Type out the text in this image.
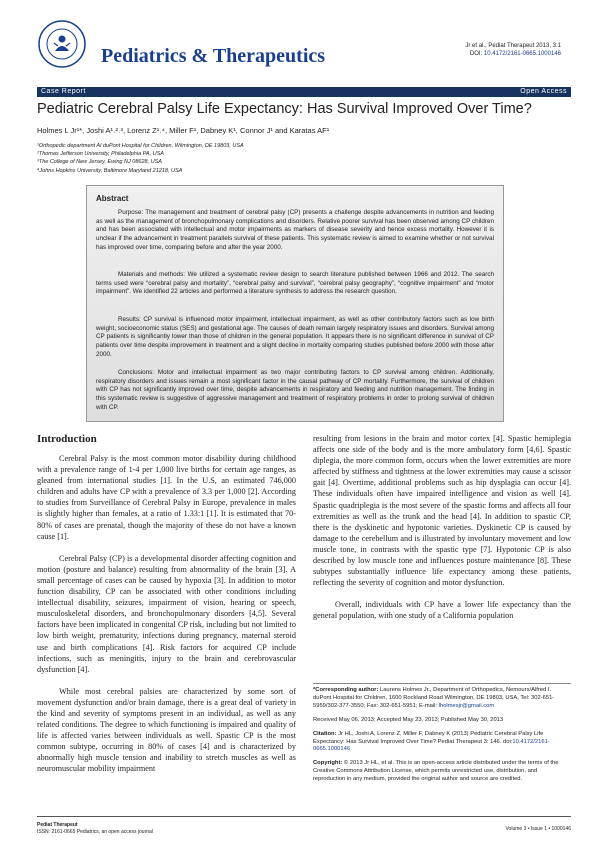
Pediatrics & Therapeutics	Jr et al., Pediat Therapeut 2013, 3:1
DOI: 10.4172/2161-0665.1000146
Case Report	Open Access
Pediatric Cerebral Palsy Life Expectancy: Has Survival Improved Over Time?
Holmes L Jr¹*, Joshi A¹˒²˒³, Lorenz Z¹˒⁴, Miller F¹, Dabney K¹, Connor J¹ and Karatas AF¹
¹Orthopedic department Al duPont Hospital for Children, Wilmington, DE 19803, USA
²Thomas Jefferson University, Philadelphia PA, USA
³The College of New Jersey, Ewing NJ 08628, USA
⁴Johns Hopkins University, Baltimore Maryland 21218, USA
Abstract

Purpose: The management and treatment of cerebral palsy (CP) presents a challenge despite advancements in nutrition and feeding as well as the management of bronchopulmonary complications and disorders. Relative poorer survival has been observed among CP children and has been associated with intellectual and motor impairments as markers of disease severity and hence excess mortality. However it is unclear if the advancement in treatment parallels survival of these patients. This systematic review is aimed to examine whether or not survival has improved over time, comparing before and after the year 2000.

Materials and methods: We utilized a systematic review design to search literature published between 1966 and 2012. The search terms used were “cerebral palsy and mortality”, “cerebral palsy and survival”, “cerebral palsy geography”, “cognitive impairment” and “motor impairment”. We identified 22 articles and performed a literature synthesis to address the research question.

Results: CP survival is influenced motor impairment, intellectual impairment, as well as other contributory factors such as low birth weight, socioeconomic status (SES) and gestational age. The causes of death remain largely respiratory issues and disorders. Survival among CP patients is significantly lower than those of children in the general population. It appears there is no significant difference in survival of CP patients over time despite improvement in treatment and a slight decline in mortality comparing studies published before 2000 with those after 2000.

Conclusions: Motor and intellectual impairment as two major contributing factors to CP survival among children. Additionally, respiratory disorders and issues remain a most significant factor in the causal pathway of CP mortality. Furthermore, the survival of children with CP has not significantly improved over time, despite advancements in respiratory and feeding and nutrition management. The finding in this systematic review is suggestive of aggressive management and treatment of respiratory problems in order to prolong survival of children with CP.

Introduction

Cerebral Palsy is the most common motor disability during childhood with a prevalence range of 1-4 per 1,000 live births for certain age ranges, as gleaned from international studies [1]. In the U.S, an estimated 746,000 children and adults have CP with a prevalence of 3.3 per 1,000 [2]. According to studies from Surveillance of Cerebral Palsy in Europe, prevalence in males is slightly higher than females, at a ratio of 1.33:1 [1]. It is estimated that 70-80% of cases are prenatal, though the majority of these do not have a known cause [1].

Cerebral Palsy (CP) is a developmental disorder affecting cognition and motion (posture and balance) resulting from abnormality of the brain [3]. A small percentage of cases can be caused by hypoxia [3]. In addition to motor function disability, CP can be associated with other conditions including intellectual disability, seizures, impairment of vision, hearing or speech, musculoskeletal disorders, and bronchopulmonary disorders [4,5]. Several factors have been implicated in congenital CP risk, including but not limited to low birth weight, prematurity, infections during pregnancy, maternal steroid use and birth complications [4]. Risk factors for acquired CP include infections, such as meningitis, injury to the brain and cerebrovascular dysfunction [4].

While most cerebral palsies are characterized by some sort of movement dysfunction and/or brain damage, there is a great deal of variety in the kind and severity of symptoms present in an individual, as well as any related conditions. The degree to which functioning is impaired and quality of life is affected varies between individuals as well. Spastic CP is the most common subtype, occurring in 80% of cases [4] and is characterized by abnormally high muscle tension and inability to stretch muscles as well as neuromuscular mobility impairment

resulting from lesions in the brain and motor cortex [4]. Spastic hemiplegia affects one side of the body and is the more ambulatory form [4,6]. Spastic diplegia, the more common form, occurs when the lower extremities are more affected by stiffness and tightness at the lower extremities may cause a scissor gait [4]. Overtime, additional problems such as hip dysplagia can occur [4]. These individuals often have impaired intelligence and vision as well [4]. Spastic quadriplegia is the most severe of the spastic forms and affects all four extremities as well as the trunk and the head [4]. In addition to spastic CP, there is the dyskinetic and hypotonic varieties. Dyskinetic CP is caused by damage to the cerebellum and is illustrated by involuntary movement and low muscle tone, in contrasts with the spastic type [7]. Hypotonic CP is also described by low muscle tone and influences posture maintenance [8]. These subtypes substantially influence life expectancy among these patients, reflecting the severity of cognition and motor dysfunction.

Overall, individuals with CP have a lower life expectancy than the general population, with one study of a California population

*Corresponding author: Laurens Holmes Jr., Department of Orthopedics, Nemours/Alfred I. duPont Hospital for Children, 1600 Rockland Road Wilmington, DE 19803, USA, Tel: 302-651-5959/302-377-3550; Fax: 302-651-5951; E-mail: lholmesjr@gmail.com

Received May 06, 2013; Accepted May 23, 2013; Published May 30, 2013

Citation: Jr HL, Joshi A, Lorenz Z, Miller F, Dabney K (2013) Pediatric Cerebral Palsy Life Expectancy: Has Survival Improved Over Time? Pediat Therapeut 3: 146. doi:10.4172/2161-0665.1000146

Copyright: © 2013 Jr HL, et al. This is an open-access article distributed under the terms of the Creative Commons Attribution License, which permits unrestricted use, distribution, and reproduction in any medium, provided the original author and source are credited.

Pediat Therapeut
ISSN: 2161-0665 Pediatrics, an open access journal	Volume 3 • Issue 1 • 1000146
